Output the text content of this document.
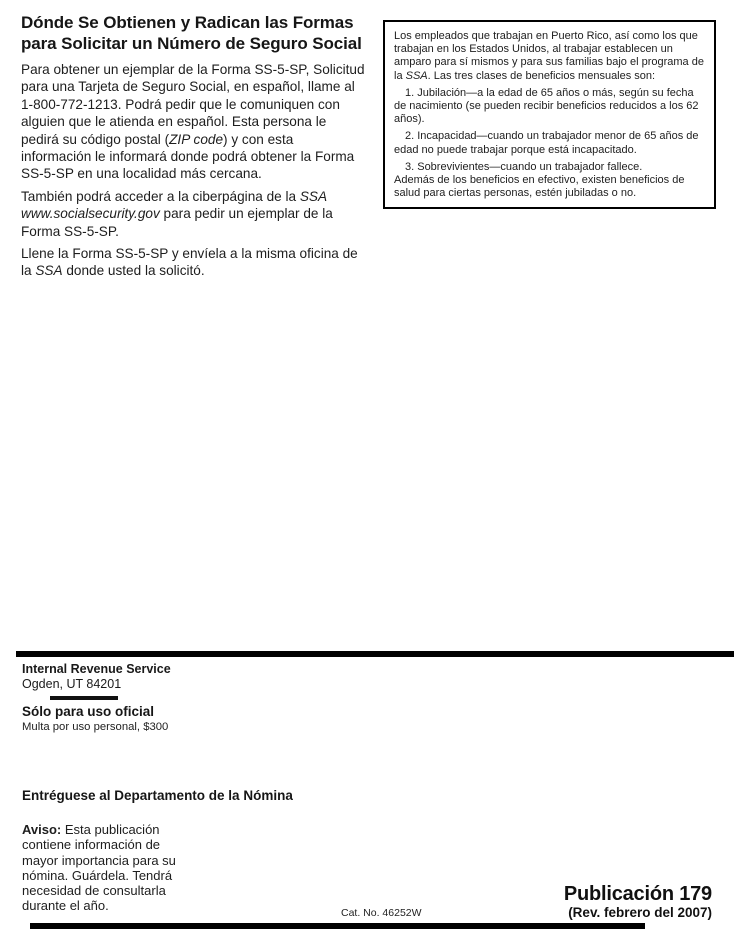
Dónde Se Obtienen y Radican las Formas para Solicitar un Número de Seguro Social

Para obtener un ejemplar de la Forma SS-5-SP, Solicitud para una Tarjeta de Seguro Social, en español, llame al 1-800-772-1213. Podrá pedir que le comuniquen con alguien que le atienda en español. Esta persona le pedirá su código postal (ZIP code) y con esta información le informará donde podrá obtener la Forma SS-5-SP en una localidad más cercana.

También podrá acceder a la ciberpágina de la SSA www.socialsecurity.gov para pedir un ejemplar de la Forma SS-5-SP.

Llene la Forma SS-5-SP y envíela a la misma oficina de la SSA donde usted la solicitó.

Los empleados que trabajan en Puerto Rico, así como los que trabajan en los Estados Unidos, al trabajar establecen un amparo para sí mismos y para sus familias bajo el programa de la SSA. Las tres clases de beneficios mensuales son:

1. Jubilación—a la edad de 65 años o más, según su fecha de nacimiento (se pueden recibir beneficios reducidos a los 62 años).

2. Incapacidad—cuando un trabajador menor de 65 años de edad no puede trabajar porque está incapacitado.

3. Sobrevivientes—cuando un trabajador fallece.

Además de los beneficios en efectivo, existen beneficios de salud para ciertas personas, estén jubiladas o no.

Internal Revenue Service
Ogden, UT 84201
Sólo para uso oficial
Multa por uso personal, $300
Entréguese al Departamento de la Nómina
Aviso: Esta publicación contiene información de mayor importancia para su nómina. Guárdela. Tendrá necesidad de consultarla durante el año.	Cat. No. 46252W
Publicación 179
(Rev. febrero del 2007)
